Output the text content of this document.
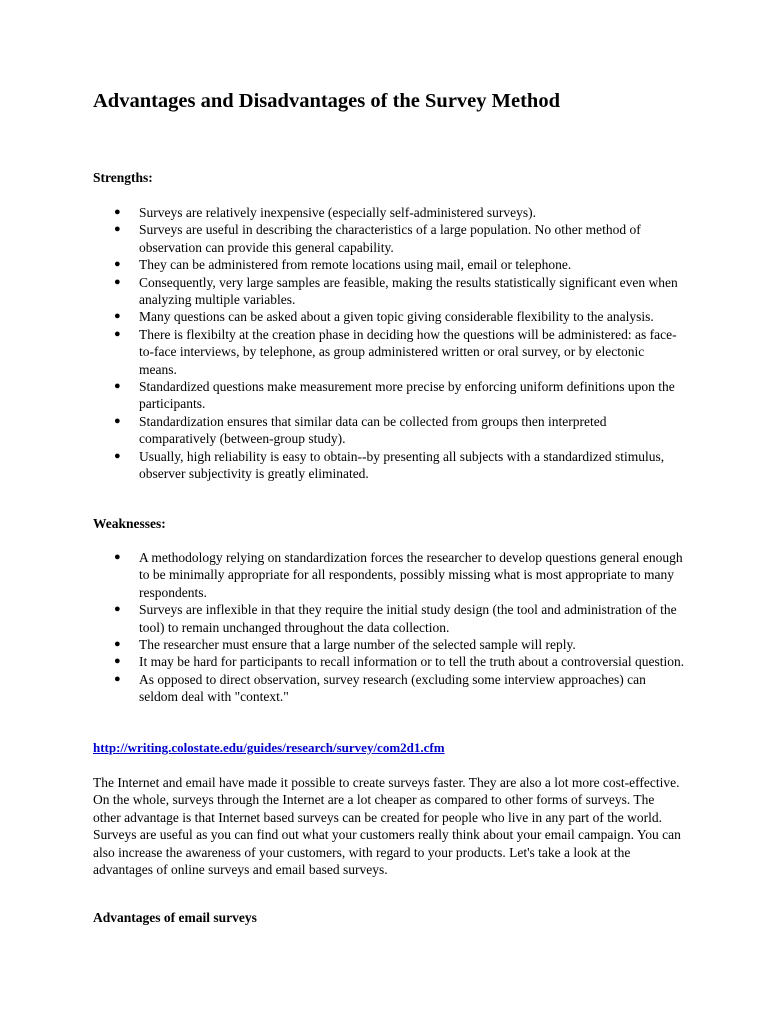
Advantages and Disadvantages of the Survey Method

Strengths:

● Surveys are relatively inexpensive (especially self-administered surveys).
● Surveys are useful in describing the characteristics of a large population. No other method of observation can provide this general capability.
● They can be administered from remote locations using mail, email or telephone.
● Consequently, very large samples are feasible, making the results statistically significant even when analyzing multiple variables.
● Many questions can be asked about a given topic giving considerable flexibility to the analysis.
● There is flexibilty at the creation phase in deciding how the questions will be administered: as face-to-face interviews, by telephone, as group administered written or oral survey, or by electonic means.
● Standardized questions make measurement more precise by enforcing uniform definitions upon the participants.
● Standardization ensures that similar data can be collected from groups then interpreted comparatively (between-group study).
● Usually, high reliability is easy to obtain--by presenting all subjects with a standardized stimulus, observer subjectivity is greatly eliminated.

Weaknesses:

● A methodology relying on standardization forces the researcher to develop questions general enough to be minimally appropriate for all respondents, possibly missing what is most appropriate to many respondents.
● Surveys are inflexible in that they require the initial study design (the tool and administration of the tool) to remain unchanged throughout the data collection.
● The researcher must ensure that a large number of the selected sample will reply.
● It may be hard for participants to recall information or to tell the truth about a controversial question.
● As opposed to direct observation, survey research (excluding some interview approaches) can seldom deal with "context."
http://writing.colostate.edu/guides/research/survey/com2d1.cfm

The Internet and email have made it possible to create surveys faster. They are also a lot more cost-effective. On the whole, surveys through the Internet are a lot cheaper as compared to other forms of surveys. The other advantage is that Internet based surveys can be created for people who live in any part of the world. Surveys are useful as you can find out what your customers really think about your email campaign. You can also increase the awareness of your customers, with regard to your products. Let's take a look at the advantages of online surveys and email based surveys.

Advantages of email surveys
